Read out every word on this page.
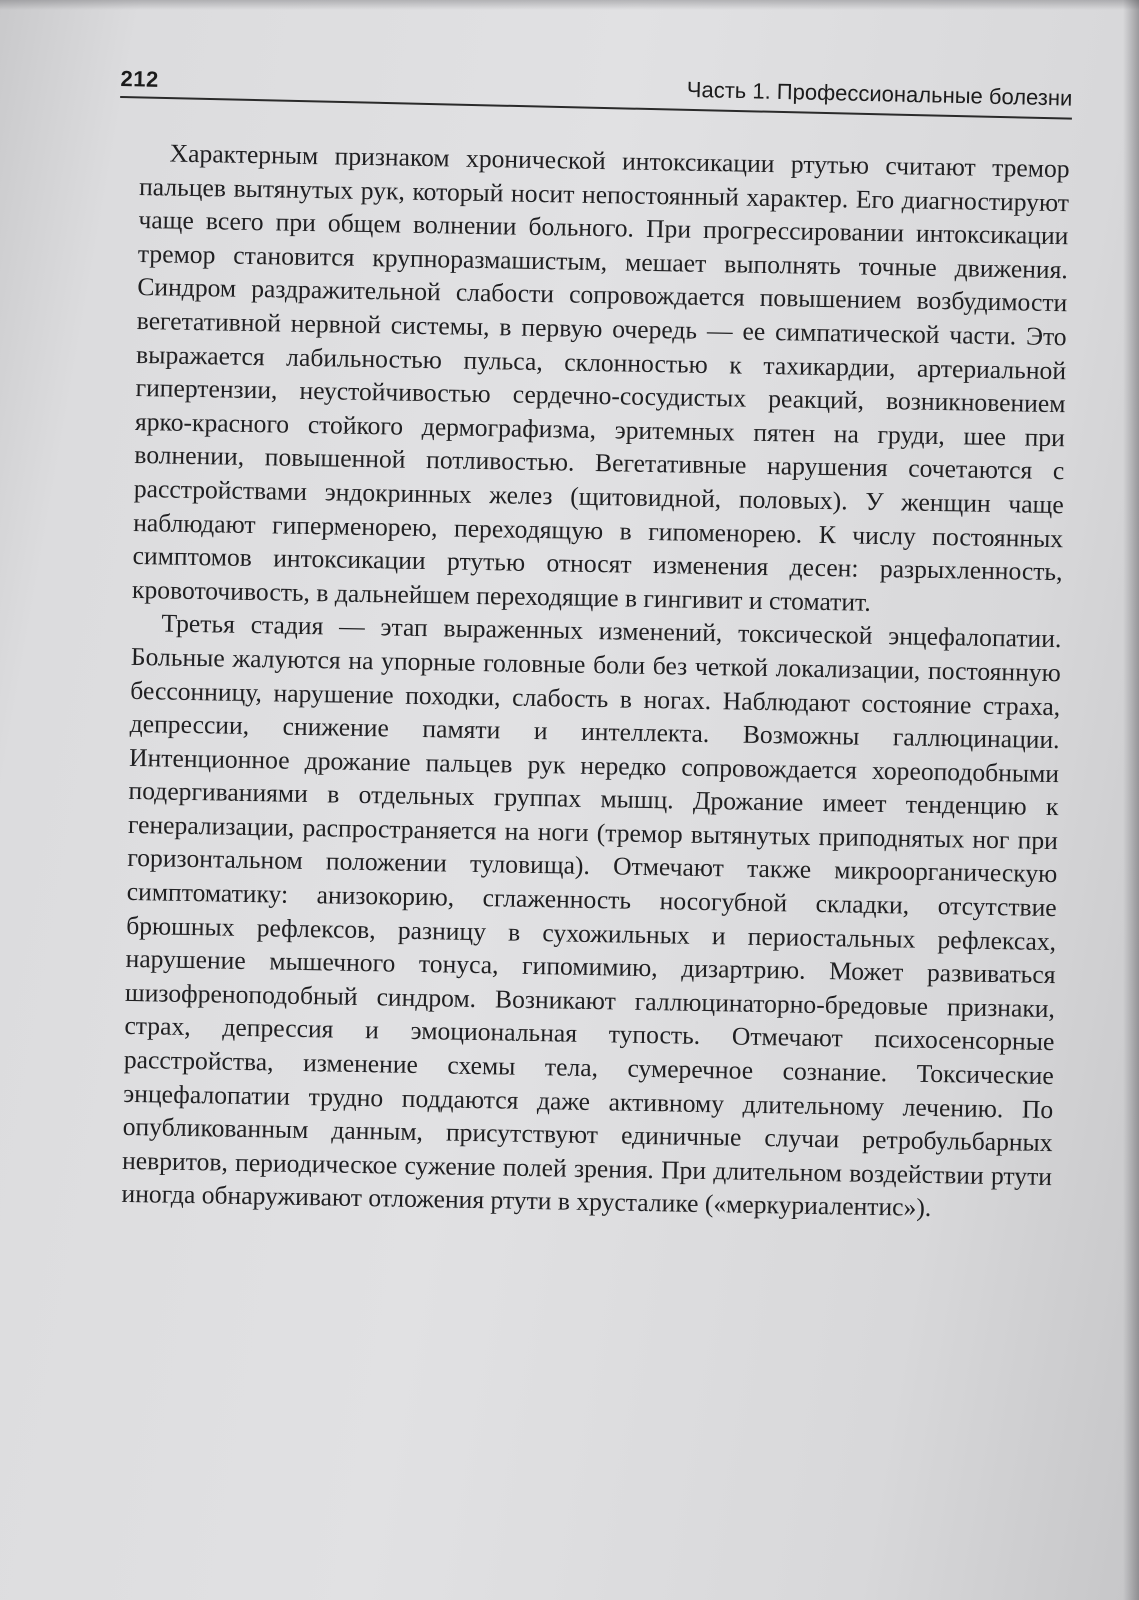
212	Часть 1. Профессиональные болезни

Характерным признаком хронической интоксикации ртутью считают тремор пальцев вытянутых рук, который носит непостоянный характер. Его диагностируют чаще всего при общем волнении больного. При прогрессировании интоксикации тремор становится крупноразмашистым, мешает выполнять точные движения. Синдром раздражительной слабости сопровождается повышением возбудимости вегетативной нервной системы, в первую очередь — ее симпатической части. Это выражается лабильностью пульса, склонностью к тахикардии, артериальной гипертензии, неустойчивостью сердечно-сосудистых реакций, возникновением ярко-красного стойкого дермографизма, эритемных пятен на груди, шее при волнении, повышенной потливостью. Вегетативные нарушения сочетаются с расстройствами эндокринных желез (щитовидной, половых). У женщин чаще наблюдают гиперменорею, переходящую в гипоменорею. К числу постоянных симптомов интоксикации ртутью относят изменения десен: разрыхленность, кровоточивость, в дальнейшем переходящие в гингивит и стоматит.

Третья стадия — этап выраженных изменений, токсической энцефалопатии. Больные жалуются на упорные головные боли без четкой локализации, постоянную бессонницу, нарушение походки, слабость в ногах. Наблюдают состояние страха, депрессии, снижение памяти и интеллекта. Возможны галлюцинации. Интенционное дрожание пальцев рук нередко сопровождается хореоподобными подергиваниями в отдельных группах мышц. Дрожание имеет тенденцию к генерализации, распространяется на ноги (тремор вытянутых приподнятых ног при горизонтальном положении туловища). Отмечают также микроорганическую симптоматику: анизокорию, сглаженность носогубной складки, отсутствие брюшных рефлексов, разницу в сухожильных и периостальных рефлексах, нарушение мышечного тонуса, гипомимию, дизартрию. Может развиваться шизофреноподобный синдром. Возникают галлюцинаторно-бредовые признаки, страх, депрессия и эмоциональная тупость. Отмечают психосенсорные расстройства, изменение схемы тела, сумеречное сознание. Токсические энцефалопатии трудно поддаются даже активному длительному лечению. По опубликованным данным, присутствуют единичные случаи ретробульбарных невритов, периодическое сужение полей зрения. При длительном воздействии ртути иногда обнаруживают отложения ртути в хрусталике («меркуриалентис»).
